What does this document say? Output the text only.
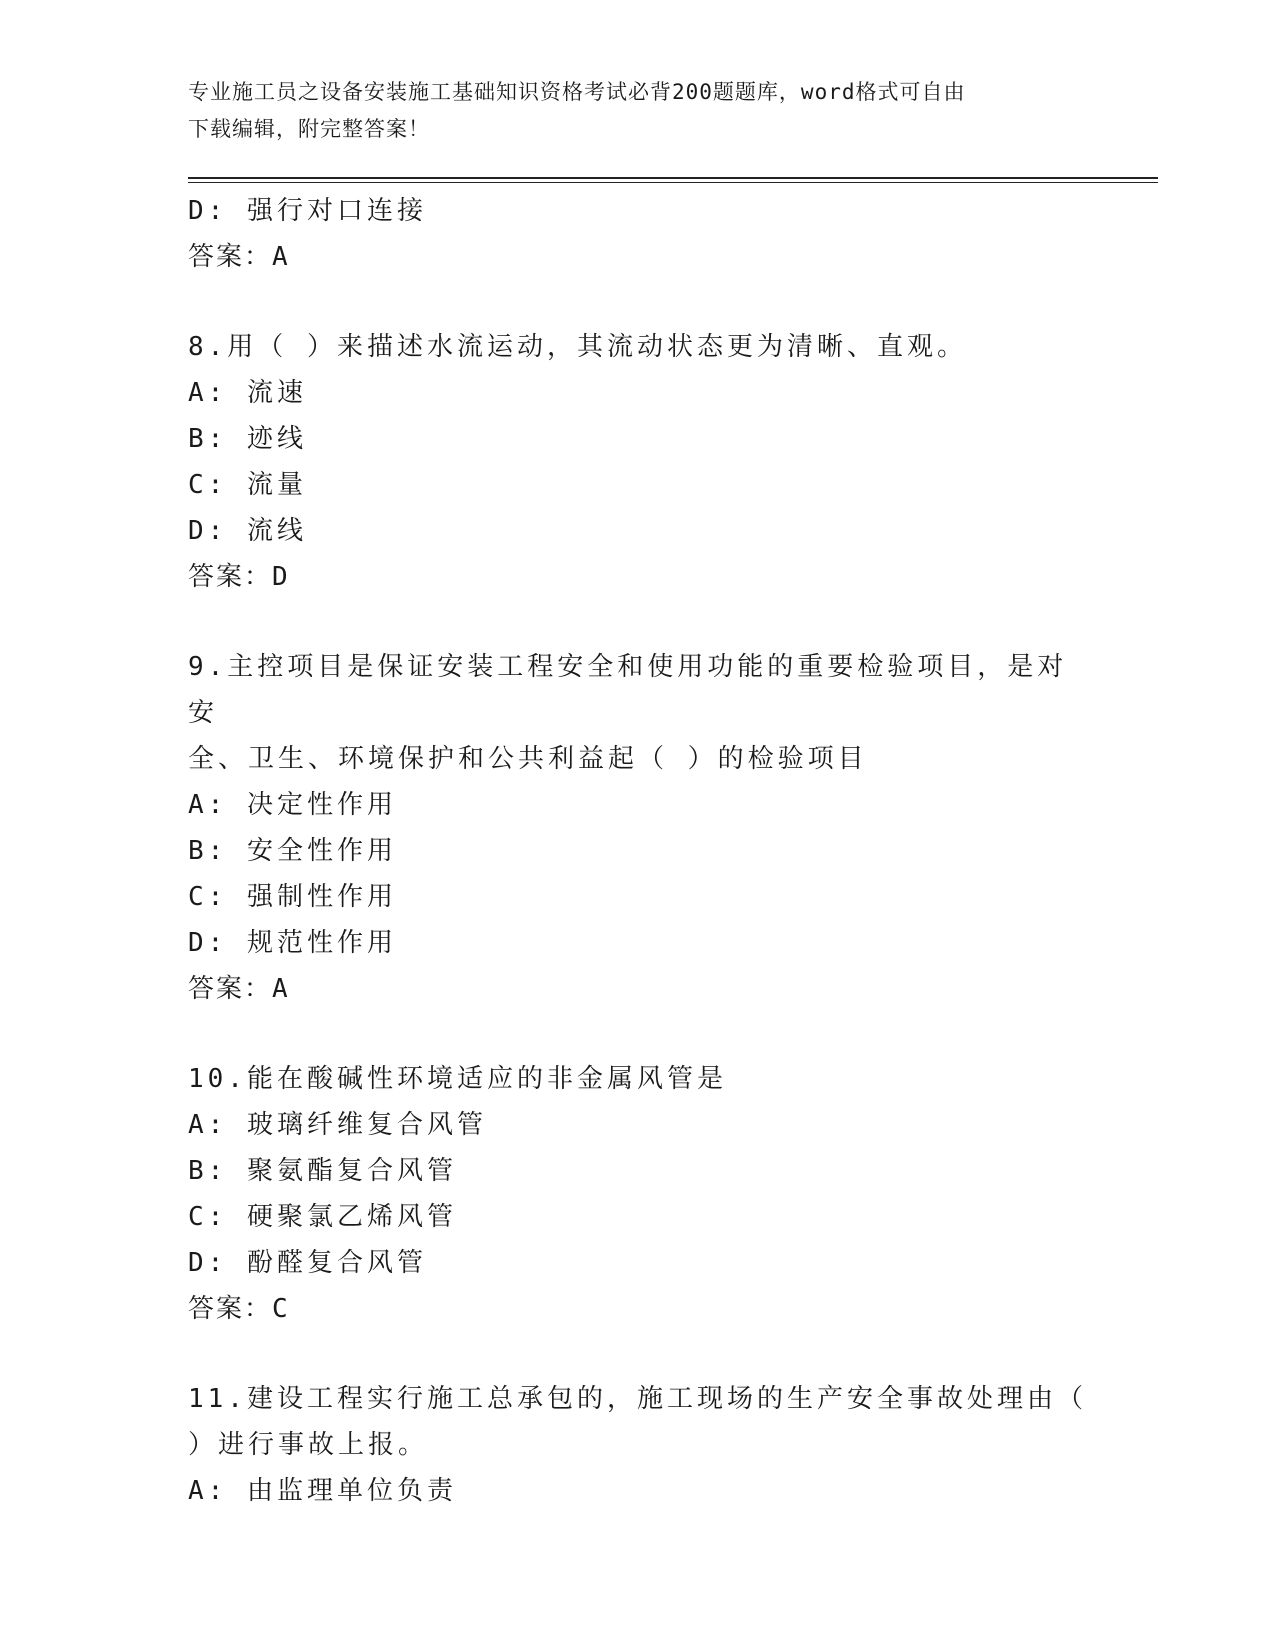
专业施工员之设备安装施工基础知识资格考试必背200题题库，word格式可自由
下载编辑，附完整答案！
D: 强行对口连接
答案：A
8.用（ ）来描述水流运动，其流动状态更为清晰、直观。
A: 流速
B: 迹线
C: 流量
D: 流线
答案：D
9.主控项目是保证安装工程安全和使用功能的重要检验项目，是对安
全、卫生、环境保护和公共利益起（ ）的检验项目
A: 决定性作用
B: 安全性作用
C: 强制性作用
D: 规范性作用
答案：A
10.能在酸碱性环境适应的非金属风管是
A: 玻璃纤维复合风管
B: 聚氨酯复合风管
C: 硬聚氯乙烯风管
D: 酚醛复合风管
答案：C
11.建设工程实行施工总承包的，施工现场的生产安全事故处理由（
）进行事故上报。
A: 由监理单位负责
